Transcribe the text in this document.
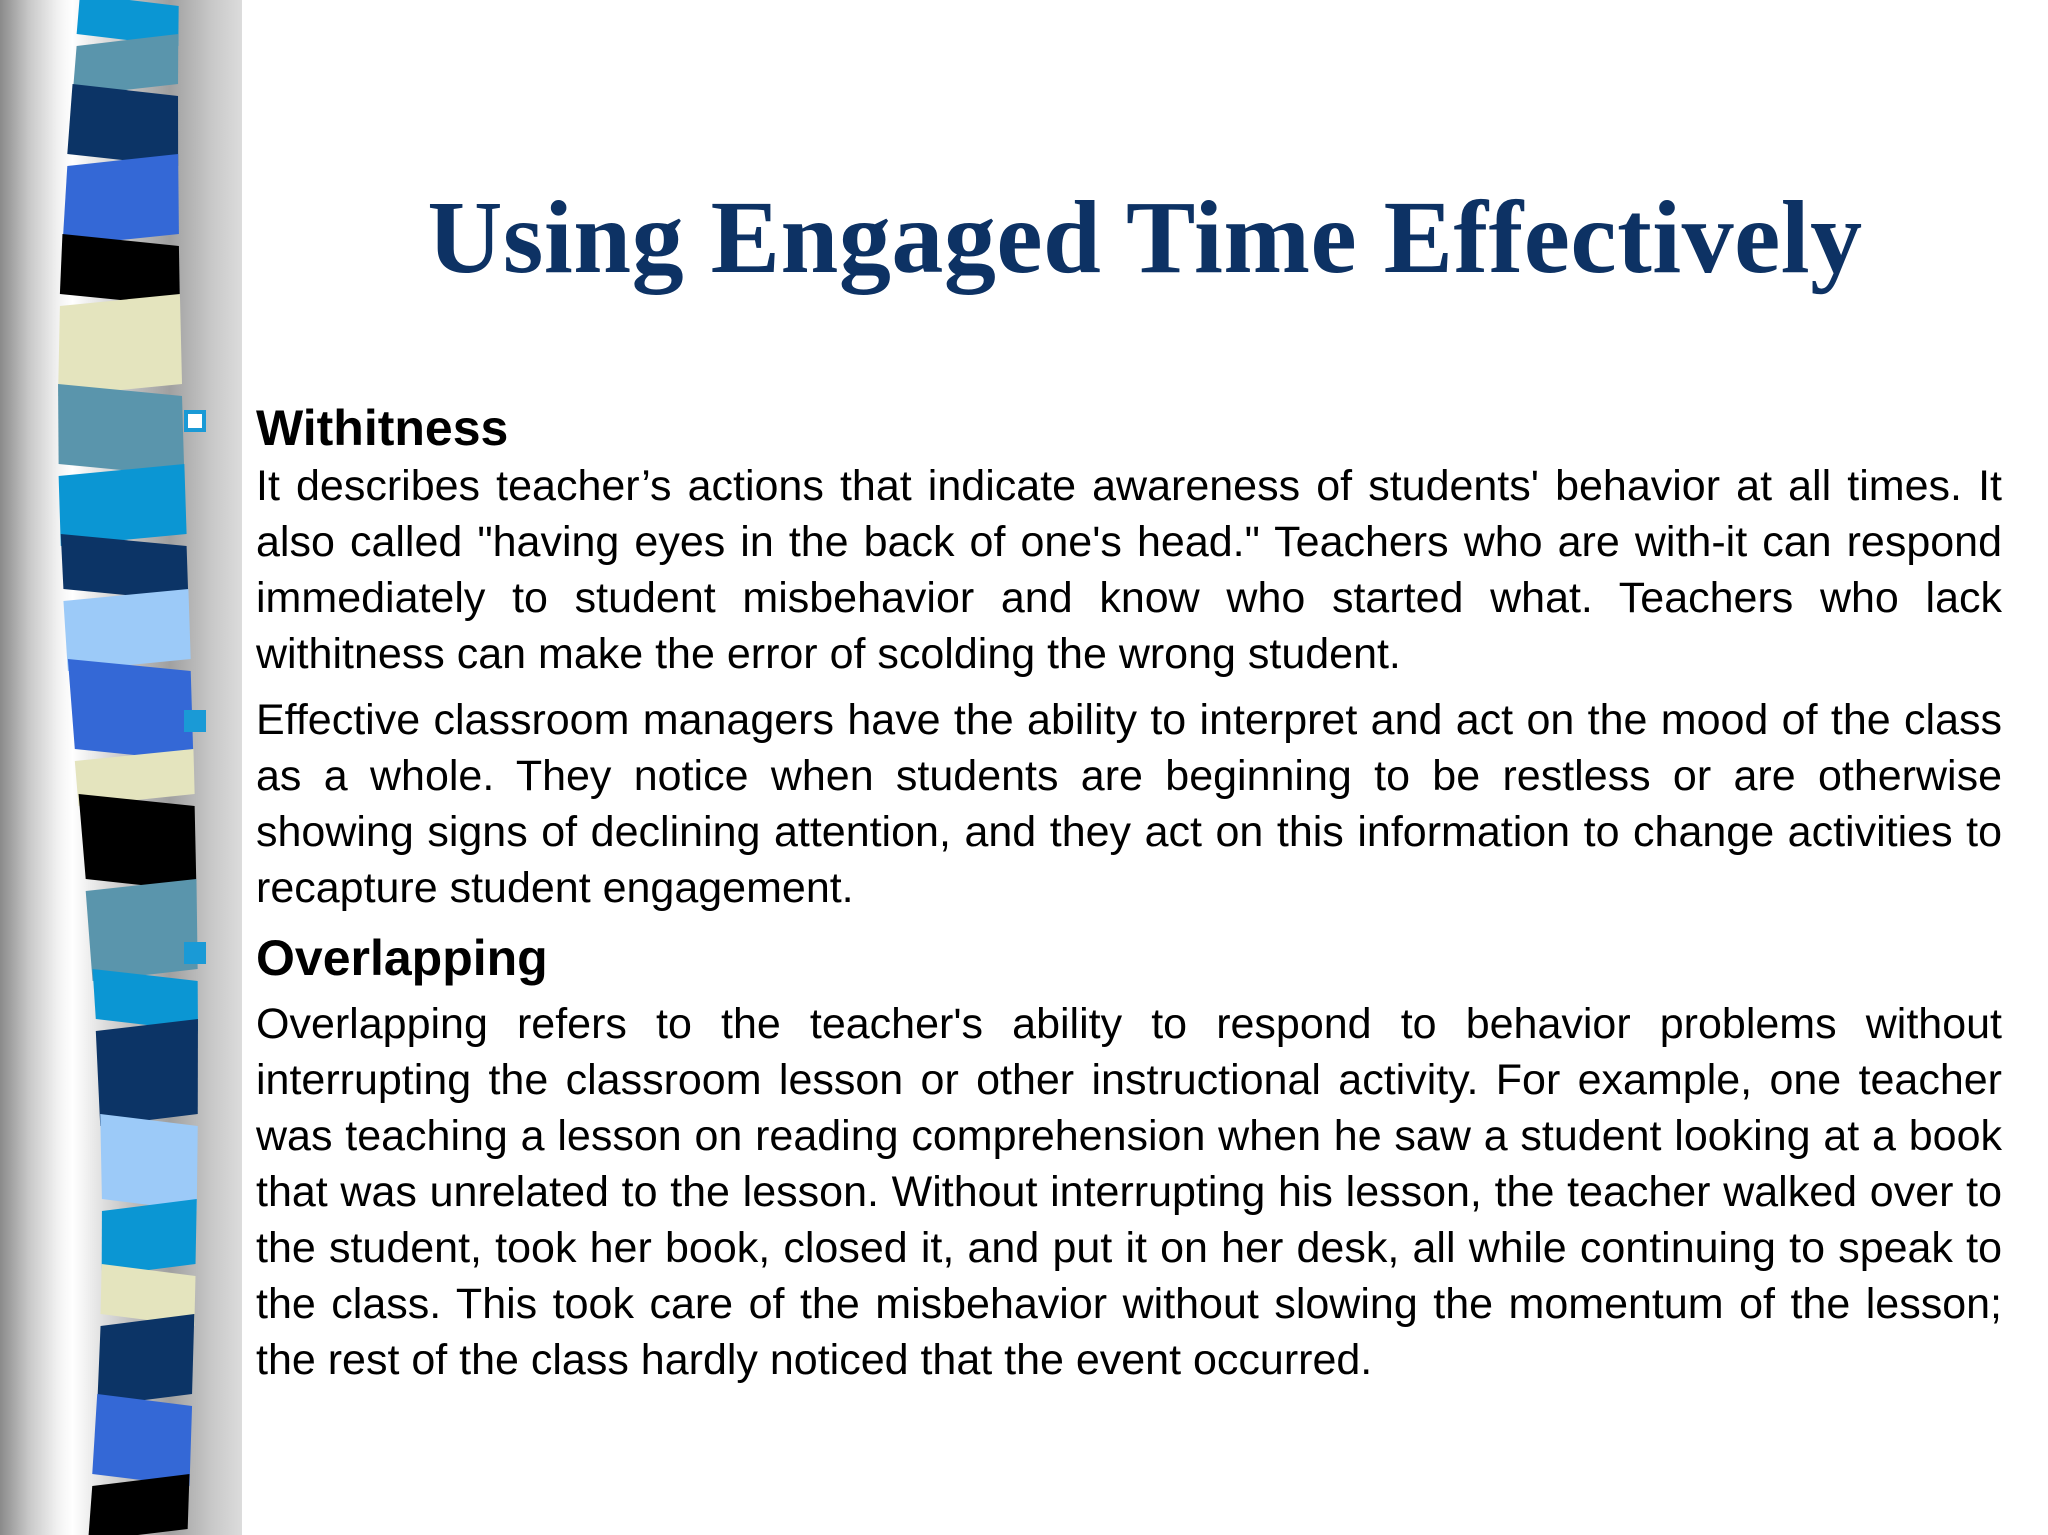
Using Engaged Time Effectively

Withitness

It describes teacher’s actions that indicate awareness of students' behavior at all times. It also called "having eyes in the back of one's head." Teachers who are with-it can respond immediately to student misbehavior and know who started what. Teachers who lack withitness can make the error of scolding the wrong student.

Effective classroom managers have the ability to interpret and act on the mood of the class as a whole. They notice when students are beginning to be restless or are otherwise showing signs of declining attention, and they act on this information to change activities to recapture student engagement.

Overlapping

Overlapping refers to the teacher's ability to respond to behavior problems without interrupting the classroom lesson or other instructional activity. For example, one teacher was teaching a lesson on reading comprehension when he saw a student looking at a book that was unrelated to the lesson. Without interrupting his lesson, the teacher walked over to the student, took her book, closed it, and put it on her desk, all while continuing to speak to the class. This took care of the misbehavior without slowing the momentum of the lesson; the rest of the class hardly noticed that the event occurred.
